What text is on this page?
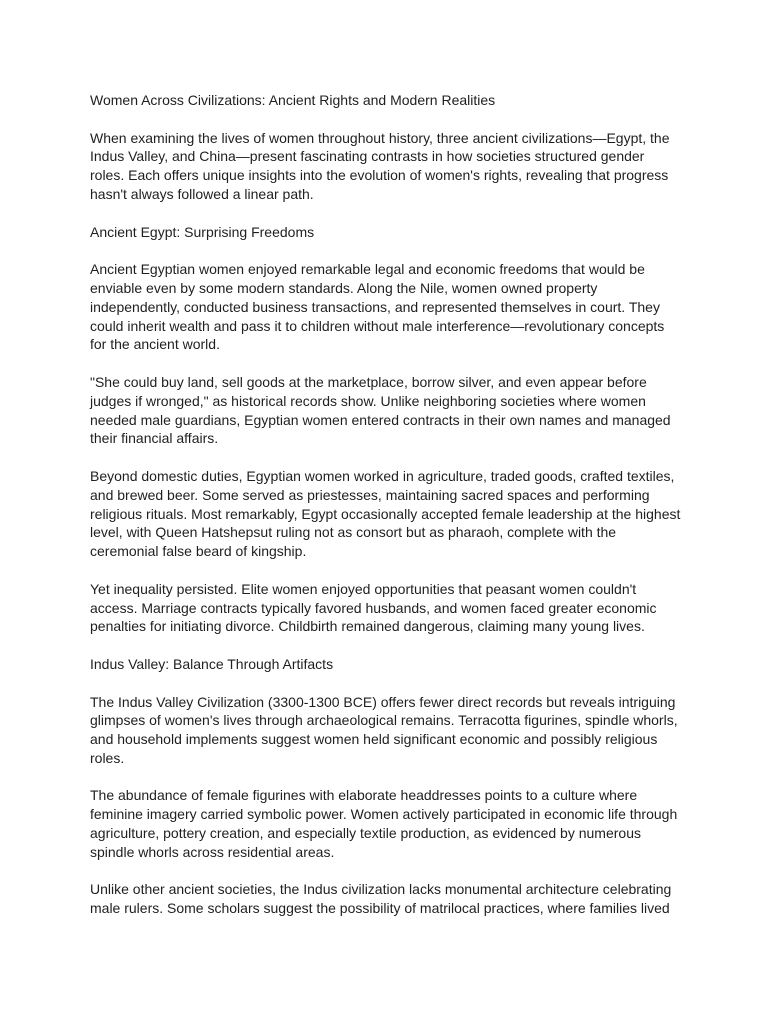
Women Across Civilizations: Ancient Rights and Modern Realities

When examining the lives of women throughout history, three ancient civilizations—Egypt, the Indus Valley, and China—present fascinating contrasts in how societies structured gender roles. Each offers unique insights into the evolution of women's rights, revealing that progress hasn't always followed a linear path.

Ancient Egypt: Surprising Freedoms

Ancient Egyptian women enjoyed remarkable legal and economic freedoms that would be enviable even by some modern standards. Along the Nile, women owned property independently, conducted business transactions, and represented themselves in court. They could inherit wealth and pass it to children without male interference—revolutionary concepts for the ancient world.

"She could buy land, sell goods at the marketplace, borrow silver, and even appear before judges if wronged," as historical records show. Unlike neighboring societies where women needed male guardians, Egyptian women entered contracts in their own names and managed their financial affairs.

Beyond domestic duties, Egyptian women worked in agriculture, traded goods, crafted textiles, and brewed beer. Some served as priestesses, maintaining sacred spaces and performing religious rituals. Most remarkably, Egypt occasionally accepted female leadership at the highest level, with Queen Hatshepsut ruling not as consort but as pharaoh, complete with the ceremonial false beard of kingship.

Yet inequality persisted. Elite women enjoyed opportunities that peasant women couldn't access. Marriage contracts typically favored husbands, and women faced greater economic penalties for initiating divorce. Childbirth remained dangerous, claiming many young lives.

Indus Valley: Balance Through Artifacts

The Indus Valley Civilization (3300-1300 BCE) offers fewer direct records but reveals intriguing glimpses of women's lives through archaeological remains. Terracotta figurines, spindle whorls, and household implements suggest women held significant economic and possibly religious roles.

The abundance of female figurines with elaborate headdresses points to a culture where feminine imagery carried symbolic power. Women actively participated in economic life through agriculture, pottery creation, and especially textile production, as evidenced by numerous spindle whorls across residential areas.

Unlike other ancient societies, the Indus civilization lacks monumental architecture celebrating male rulers. Some scholars suggest the possibility of matrilocal practices, where families lived
